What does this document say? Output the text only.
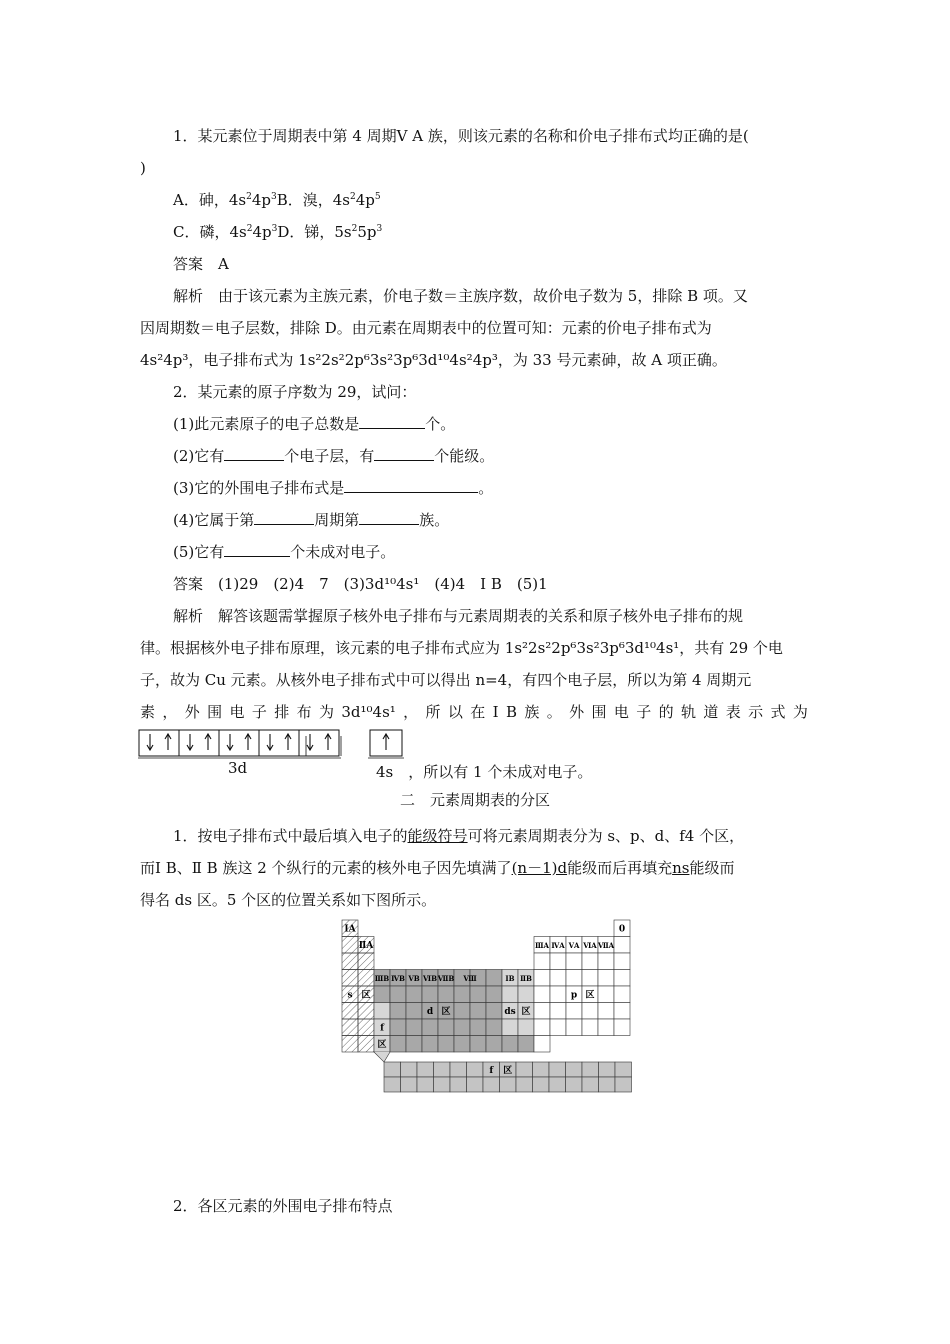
1．某元素位于周期表中第 4 周期Ⅴ A 族，则该元素的名称和价电子排布式均正确的是(
)
A．砷，$4s^24p^3B$．溴，$4s^24p^5$
C．磷，$4s^24p^3D$．锑，$5s^25p^3$
答案　A
解析　由于该元素为主族元素，价电子数＝主族序数，故价电子数为 5，排除 B 项。又
因周期数＝电子层数，排除 D。由元素在周期表中的位置可知：元素的价电子排布式为
4s²4p³，电子排布式为 1s²2s²2p⁶3s²3p⁶3d¹⁰4s²4p³，为 33 号元素砷，故 A 项正确。
2．某元素的原子序数为 29，试问：
(1)此元素原子的电子总数是	个。
(2)它有	个电子层，有	个能级。
(3)它的外围电子排布式是	。
(4)它属于第	周期第	族。
(5)它有	个未成对电子。
答案　(1)29　(2)4　7　(3)3d¹⁰4s¹　(4)4　Ⅰ B　(5)1
解析　解答该题需掌握原子核外电子排布与元素周期表的关系和原子核外电子排布的规
律。根据核外电子排布原理，该元素的电子排布式应为 1s²2s²2p⁶3s²3p⁶3d¹⁰4s¹，共有 29 个电
子，故为 Cu 元素。从核外电子排布式中可以得出 n=4，有四个电子层，所以为第 4 周期元
素 ， 外 围 电 子 排 布 为 3d¹⁰4s¹ ， 所 以 在 Ⅰ B 族 。 外 围 电 子 的 轨 道 表 示 式 为
3d	4s　 ，所以有 1 个未成对电子。
二　元素周期表的分区
1．按电子排布式中最后填入电子的能级符号可将元素周期表分为 s、p、d、f4 个区，
而Ⅰ B、Ⅱ B 族这 2 个纵行的元素的核外电子因先填满了(n－1)d能级而后再填充ns能级而
得名 ds 区。5 个区的位置关系如下图所示。
ⅠA
ⅡA
0
ⅢA ⅣA ⅤA ⅥA ⅦA
ⅢB ⅣB ⅤB ⅥB ⅦB Ⅷ	ⅠB ⅡB
s 区
d 区	ds 区
p 区
f
区
f 区
2．各区元素的外围电子排布特点
